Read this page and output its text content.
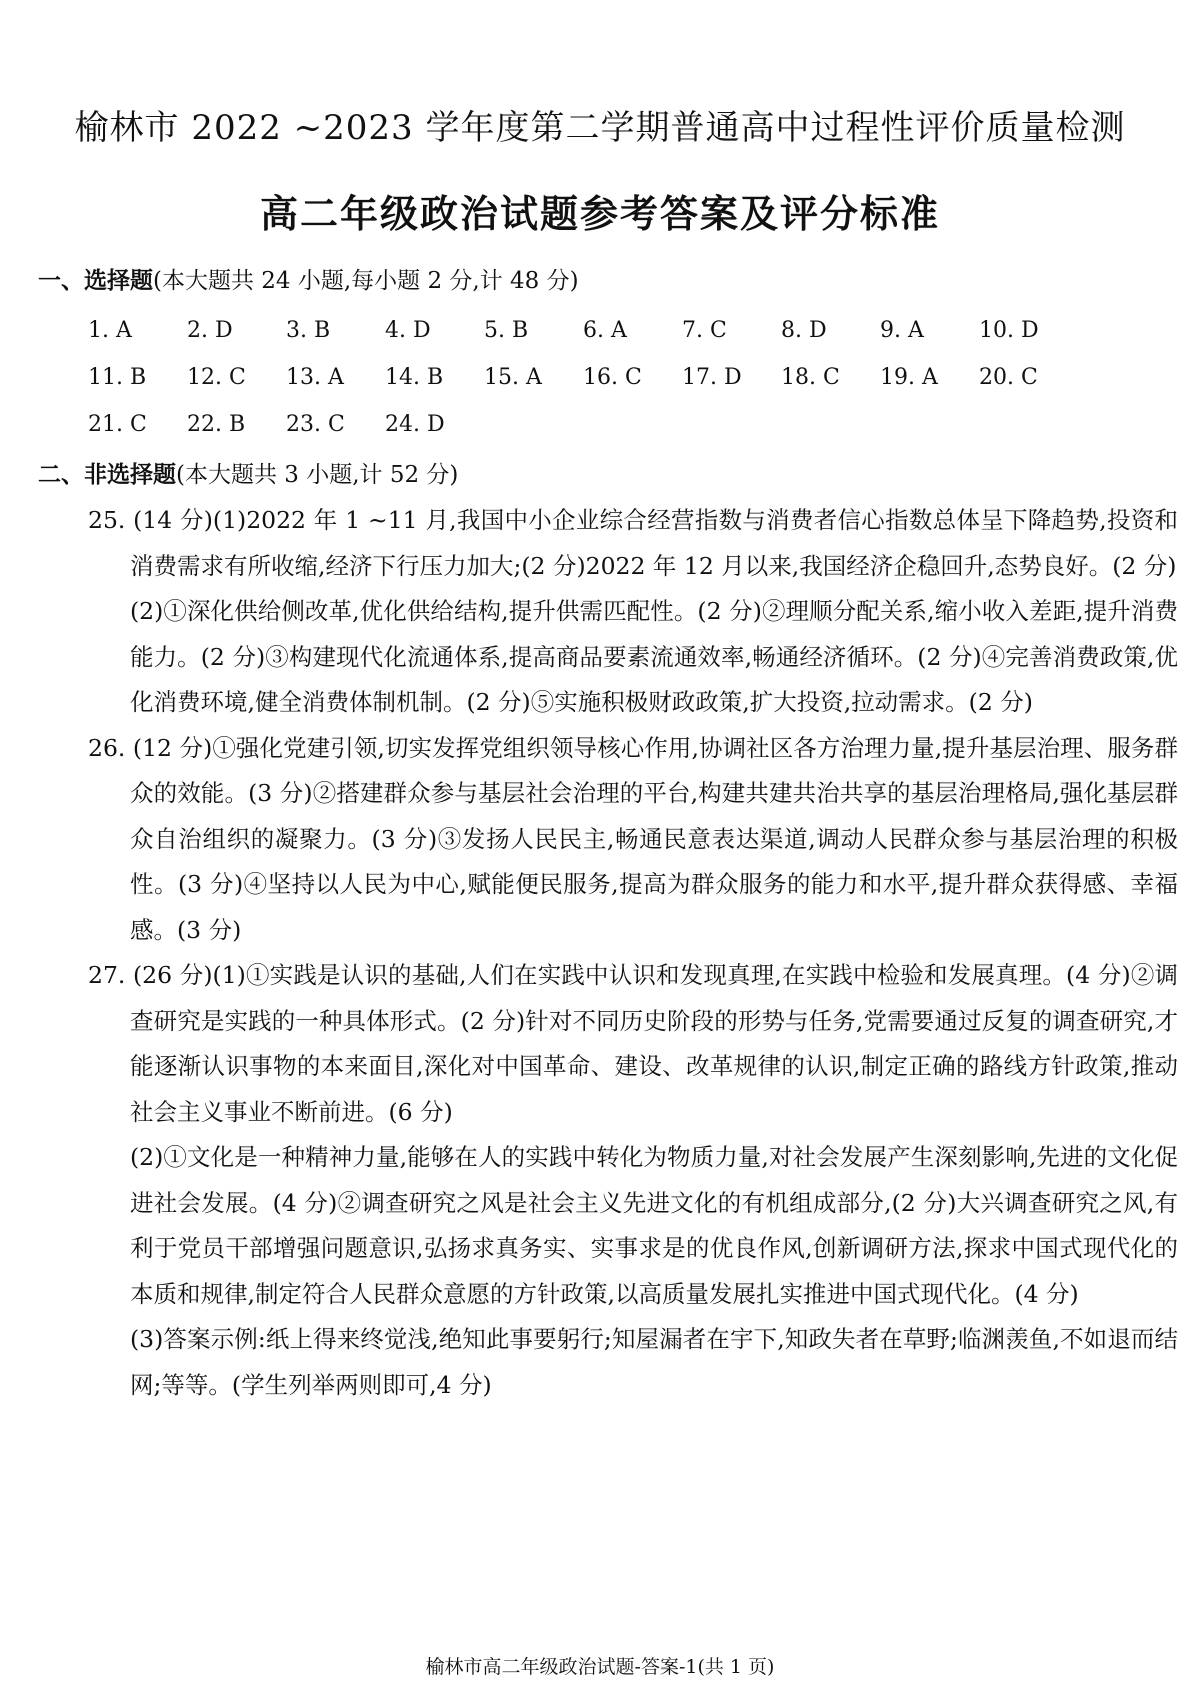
榆林市 2022 ~2023 学年度第二学期普通高中过程性评价质量检测
高二年级政治试题参考答案及评分标准
一、选择题(本大题共 24 小题,每小题 2 分,计 48 分)
1. A	2. D	3. B	4. D	5. B	6. A	7. C	8. D	9. A	10. D
11. B	12. C	13. A	14. B	15. A	16. C	17. D	18. C	19. A	20. C
21. C	22. B	23. C	24. D
二、非选择题(本大题共 3 小题,计 52 分)
25. (14 分)(1)2022 年 1 ~11 月,我国中小企业综合经营指数与消费者信心指数总体呈下降趋势,投资和消费需求有所收缩,经济下行压力加大;(2 分)2022 年 12 月以来,我国经济企稳回升,态势良好。(2 分)
(2)①深化供给侧改革,优化供给结构,提升供需匹配性。(2 分)②理顺分配关系,缩小收入差距,提升消费能力。(2 分)③构建现代化流通体系,提高商品要素流通效率,畅通经济循环。(2 分)④完善消费政策,优化消费环境,健全消费体制机制。(2 分)⑤实施积极财政政策,扩大投资,拉动需求。(2 分)
26. (12 分)①强化党建引领,切实发挥党组织领导核心作用,协调社区各方治理力量,提升基层治理、服务群众的效能。(3 分)②搭建群众参与基层社会治理的平台,构建共建共治共享的基层治理格局,强化基层群众自治组织的凝聚力。(3 分)③发扬人民民主,畅通民意表达渠道,调动人民群众参与基层治理的积极性。(3 分)④坚持以人民为中心,赋能便民服务,提高为群众服务的能力和水平,提升群众获得感、幸福感。(3 分)
27. (26 分)(1)①实践是认识的基础,人们在实践中认识和发现真理,在实践中检验和发展真理。(4 分)②调查研究是实践的一种具体形式。(2 分)针对不同历史阶段的形势与任务,党需要通过反复的调查研究,才能逐渐认识事物的本来面目,深化对中国革命、建设、改革规律的认识,制定正确的路线方针政策,推动社会主义事业不断前进。(6 分)
(2)①文化是一种精神力量,能够在人的实践中转化为物质力量,对社会发展产生深刻影响,先进的文化促进社会发展。(4 分)②调查研究之风是社会主义先进文化的有机组成部分,(2 分)大兴调查研究之风,有利于党员干部增强问题意识,弘扬求真务实、实事求是的优良作风,创新调研方法,探求中国式现代化的本质和规律,制定符合人民群众意愿的方针政策,以高质量发展扎实推进中国式现代化。(4 分)
(3)答案示例:纸上得来终觉浅,绝知此事要躬行;知屋漏者在宇下,知政失者在草野;临渊羡鱼,不如退而结网;等等。(学生列举两则即可,4 分)
榆林市高二年级政治试题-答案-1(共 1 页)
